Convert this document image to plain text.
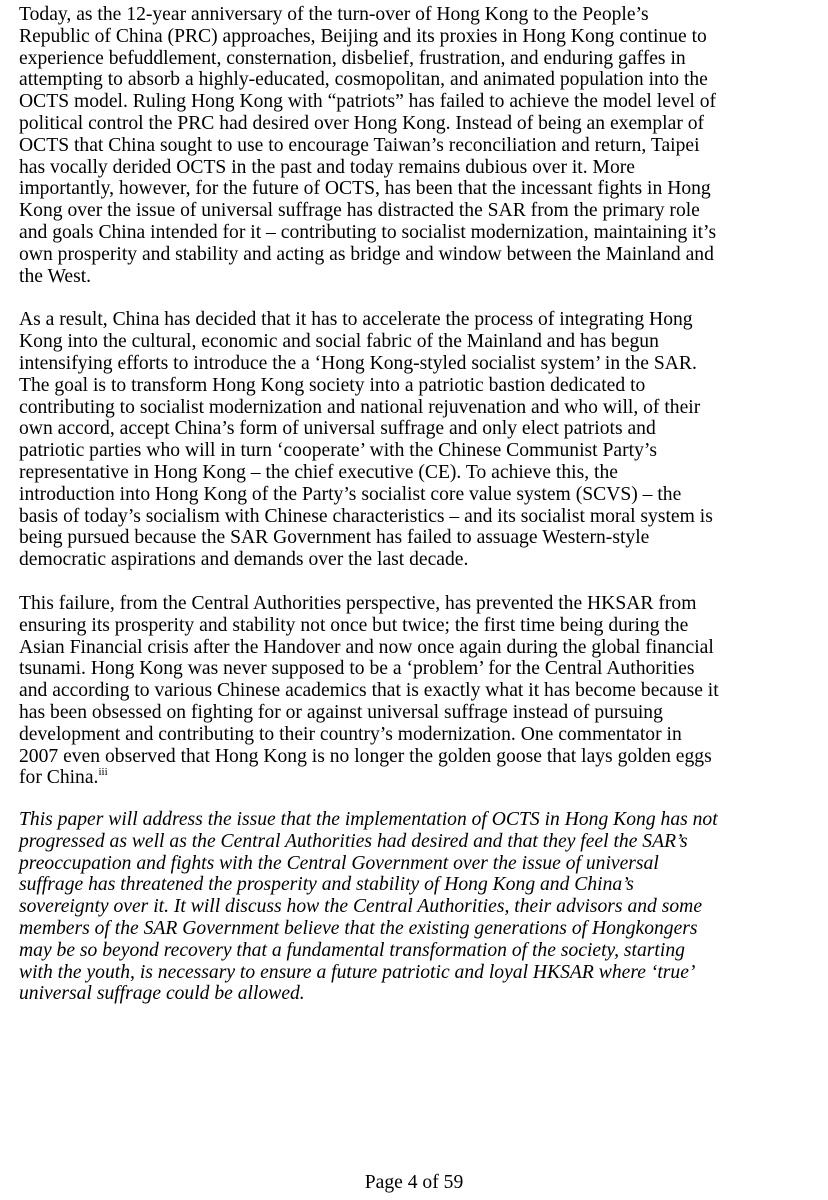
Today, as the 12-year anniversary of the turn-over of Hong Kong to the People’s
Republic of China (PRC) approaches, Beijing and its proxies in Hong Kong continue to
experience befuddlement, consternation, disbelief, frustration, and enduring gaffes in
attempting to absorb a highly-educated, cosmopolitan, and animated population into the
OCTS model. Ruling Hong Kong with “patriots” has failed to achieve the model level of
political control the PRC had desired over Hong Kong. Instead of being an exemplar of
OCTS that China sought to use to encourage Taiwan’s reconciliation and return, Taipei
has vocally derided OCTS in the past and today remains dubious over it. More
importantly, however, for the future of OCTS, has been that the incessant fights in Hong
Kong over the issue of universal suffrage has distracted the SAR from the primary role
and goals China intended for it – contributing to socialist modernization, maintaining it’s
own prosperity and stability and acting as bridge and window between the Mainland and
the West.

As a result, China has decided that it has to accelerate the process of integrating Hong
Kong into the cultural, economic and social fabric of the Mainland and has begun
intensifying efforts to introduce the a ‘Hong Kong-styled socialist system’ in the SAR.
The goal is to transform Hong Kong society into a patriotic bastion dedicated to
contributing to socialist modernization and national rejuvenation and who will, of their
own accord, accept China’s form of universal suffrage and only elect patriots and
patriotic parties who will in turn ‘cooperate’ with the Chinese Communist Party’s
representative in Hong Kong – the chief executive (CE). To achieve this, the
introduction into Hong Kong of the Party’s socialist core value system (SCVS) – the
basis of today’s socialism with Chinese characteristics – and its socialist moral system is
being pursued because the SAR Government has failed to assuage Western-style
democratic aspirations and demands over the last decade.

This failure, from the Central Authorities perspective, has prevented the HKSAR from
ensuring its prosperity and stability not once but twice; the first time being during the
Asian Financial crisis after the Handover and now once again during the global financial
tsunami. Hong Kong was never supposed to be a ‘problem’ for the Central Authorities
and according to various Chinese academics that is exactly what it has become because it
has been obsessed on fighting for or against universal suffrage instead of pursuing
development and contributing to their country’s modernization. One commentator in
2007 even observed that Hong Kong is no longer the golden goose that lays golden eggs
for China.$^{iii}$

This paper will address the issue that the implementation of OCTS in Hong Kong has not
progressed as well as the Central Authorities had desired and that they feel the SAR’s
preoccupation and fights with the Central Government over the issue of universal
suffrage has threatened the prosperity and stability of Hong Kong and China’s
sovereignty over it. It will discuss how the Central Authorities, their advisors and some
members of the SAR Government believe that the existing generations of Hongkongers
may be so beyond recovery that a fundamental transformation of the society, starting
with the youth, is necessary to ensure a future patriotic and loyal HKSAR where ‘true’
universal suffrage could be allowed.

Page 4 of 59
